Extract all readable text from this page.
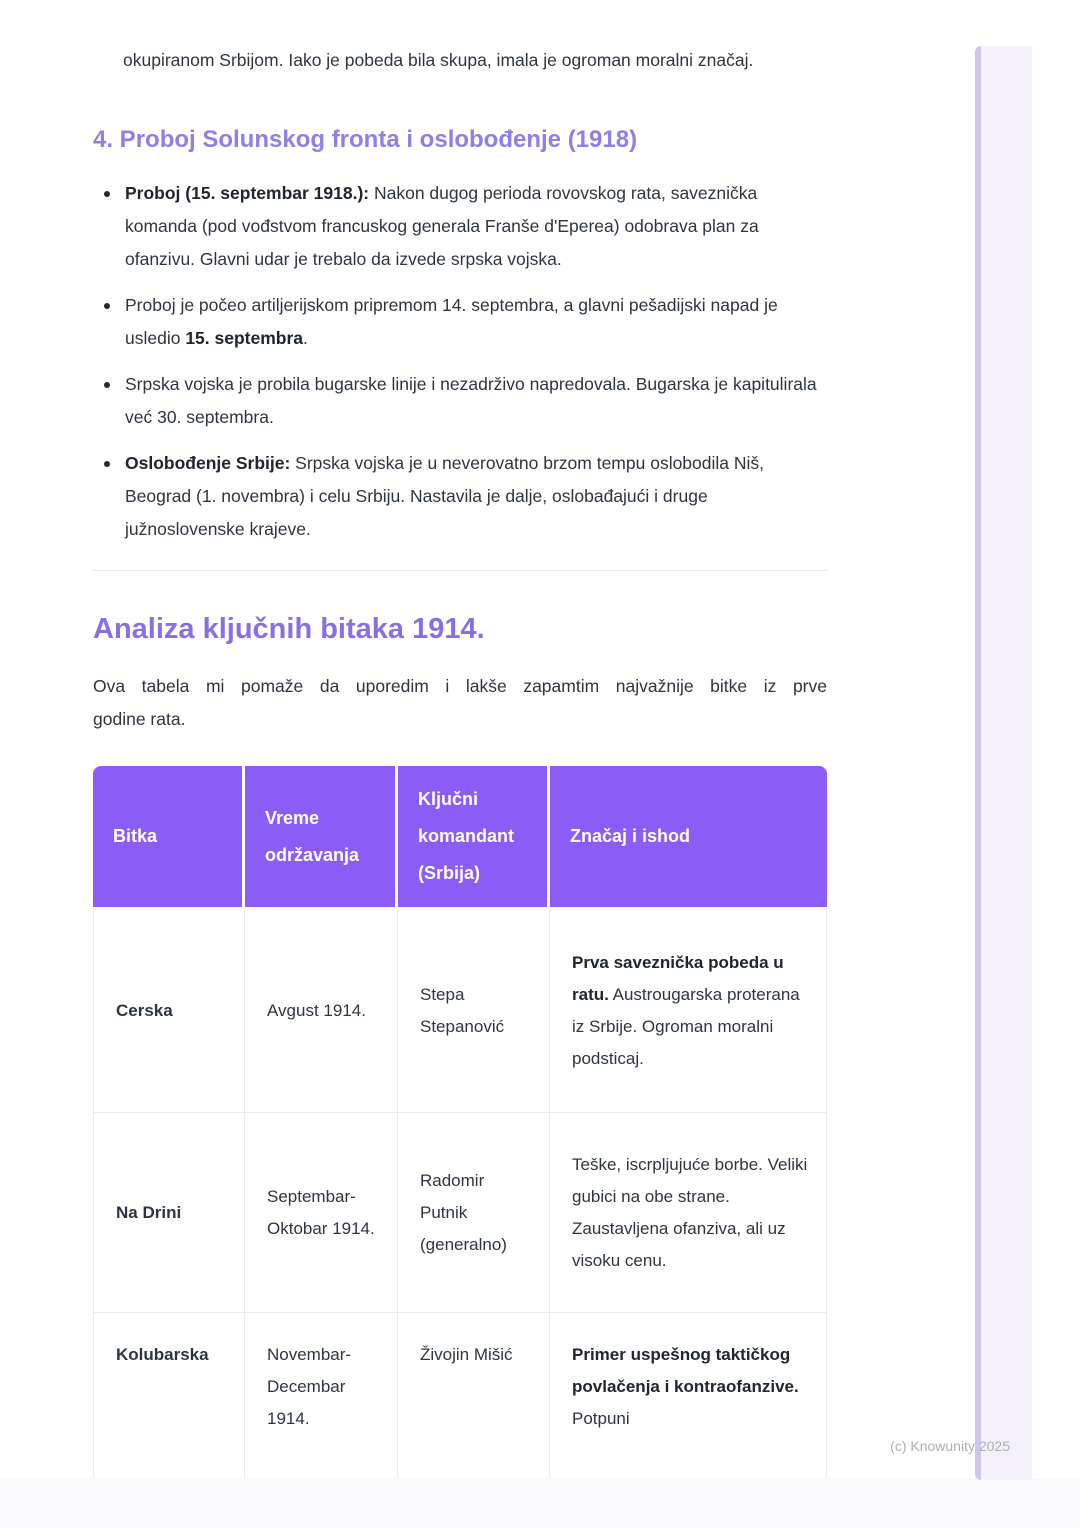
okupiranom Srbijom. Iako je pobeda bila skupa, imala je ogroman moralni značaj.

4. Proboj Solunskog fronta i oslobođenje (1918)
Proboj (15. septembar 1918.): Nakon dugog perioda rovovskog rata, saveznička komanda (pod vođstvom francuskog generala Franše d'Eperea) odobrava plan za ofanzivu. Glavni udar je trebalo da izvede srpska vojska.
Proboj je počeo artiljerijskom pripremom 14. septembra, a glavni pešadijski napad je usledio 15. septembra.
Srpska vojska je probila bugarske linije i nezadrživo napredovala. Bugarska je kapitulirala već 30. septembra.
Oslobođenje Srbije: Srpska vojska je u neverovatno brzom tempu oslobodila Niš, Beograd (1. novembra) i celu Srbiju. Nastavila je dalje, oslobađajući i druge južnoslovenske krajeve.
Analiza ključnih bitaka 1914.

Ova tabela mi pomaže da uporedim i lakše zapamtim najvažnije bitke iz prve
godine rata.

Bitka	Vreme održavanja	Ključni komandant (Srbija)	Značaj i ishod
Cerska	Avgust 1914.	Stepa Stepanović	Prva saveznička pobeda u ratu. Austrougarska proterana iz Srbije. Ogroman moralni podsticaj.
Na Drini	Septembar-Oktobar 1914.	Radomir Putnik (generalno)	Teške, iscrpljujuće borbe. Veliki gubici na obe strane. Zaustavljena ofanziva, ali uz visoku cenu.
Kolubarska	Novembar-Decembar 1914.	Živojin Mišić	Primer uspešnog taktičkog povlačenja i kontraofanzive. Potpuni
(c) Knowunity 2025
